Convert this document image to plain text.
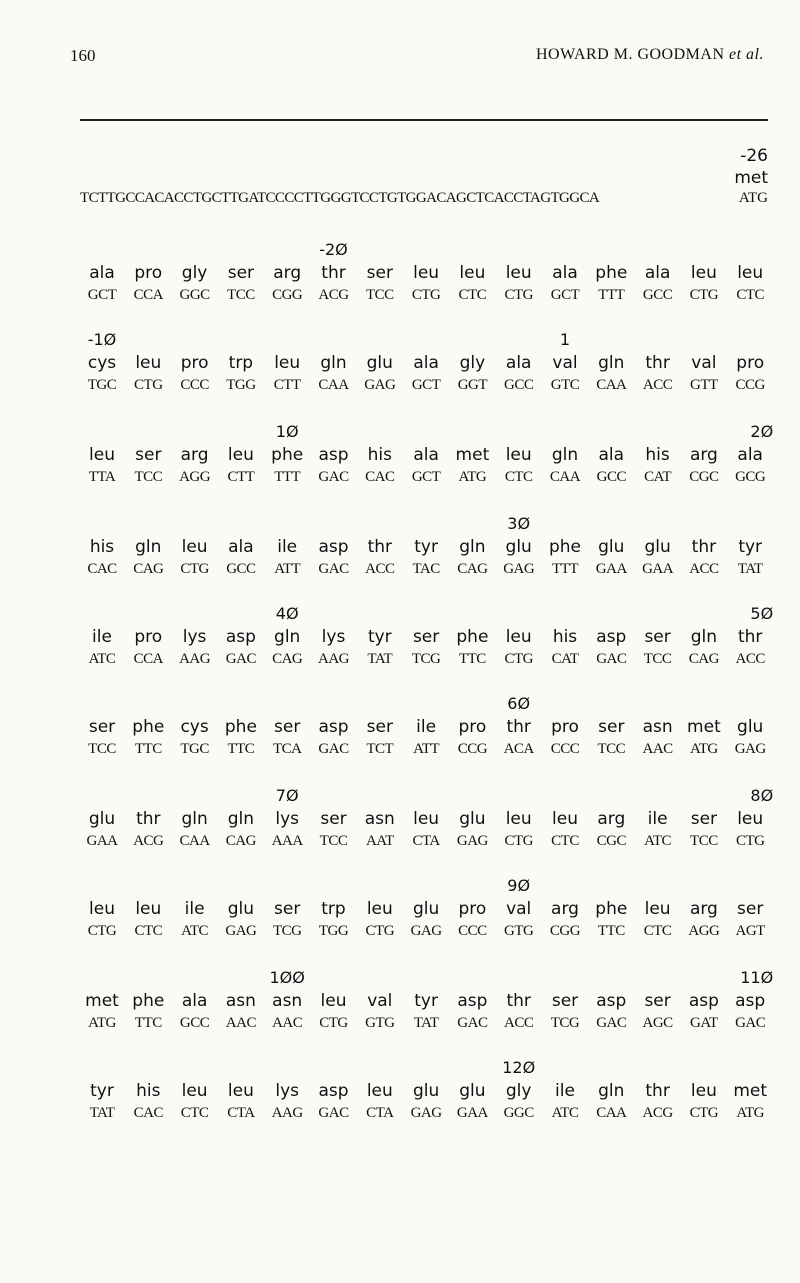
160	HOWARD M. GOODMAN et al.
-26
met
TCTTGCCACACCTGCTTGATCCCCTTGGGTCCTGTGGACAGCTCACCTAGTGGCA	ATG
ala
GCT
pro
CCA
gly
GGC
ser
TCC
arg
CGG
-2Ø
thr
ACG
ser
TCC
leu
CTG
leu
CTC
leu
CTG
ala
GCT
phe
TTT
ala
GCC
leu
CTG
leu
CTC
-1Ø
cys
TGC
leu
CTG
pro
CCC
trp
TGG
leu
CTT
gln
CAA
glu
GAG
ala
GCT
gly
GGT
ala
GCC
1
val
GTC
gln
CAA
thr
ACC
val
GTT
pro
CCG
leu
TTA
ser
TCC
arg
AGG
leu
CTT
1Ø
phe
TTT
asp
GAC
his
CAC
ala
GCT
met
ATG
leu
CTC
gln
CAA
ala
GCC
his
CAT
arg
CGC
2Ø
ala
GCG
his
CAC
gln
CAG
leu
CTG
ala
GCC
ile
ATT
asp
GAC
thr
ACC
tyr
TAC
gln
CAG
3Ø
glu
GAG
phe
TTT
glu
GAA
glu
GAA
thr
ACC
tyr
TAT
ile
ATC
pro
CCA
lys
AAG
asp
GAC
4Ø
gln
CAG
lys
AAG
tyr
TAT
ser
TCG
phe
TTC
leu
CTG
his
CAT
asp
GAC
ser
TCC
gln
CAG
5Ø
thr
ACC
ser
TCC
phe
TTC
cys
TGC
phe
TTC
ser
TCA
asp
GAC
ser
TCT
ile
ATT
pro
CCG
6Ø
thr
ACA
pro
CCC
ser
TCC
asn
AAC
met
ATG
glu
GAG
glu
GAA
thr
ACG
gln
CAA
gln
CAG
7Ø
lys
AAA
ser
TCC
asn
AAT
leu
CTA
glu
GAG
leu
CTG
leu
CTC
arg
CGC
ile
ATC
ser
TCC
8Ø
leu
CTG
leu
CTG
leu
CTC
ile
ATC
glu
GAG
ser
TCG
trp
TGG
leu
CTG
glu
GAG
pro
CCC
9Ø
val
GTG
arg
CGG
phe
TTC
leu
CTC
arg
AGG
ser
AGT
met
ATG
phe
TTC
ala
GCC
asn
AAC
1ØØ
asn
AAC
leu
CTG
val
GTG
tyr
TAT
asp
GAC
thr
ACC
ser
TCG
asp
GAC
ser
AGC
asp
GAT
11Ø
asp
GAC
tyr
TAT
his
CAC
leu
CTC
leu
CTA
lys
AAG
asp
GAC
leu
CTA
glu
GAG
glu
GAA
12Ø
gly
GGC
ile
ATC
gln
CAA
thr
ACG
leu
CTG
met
ATG
